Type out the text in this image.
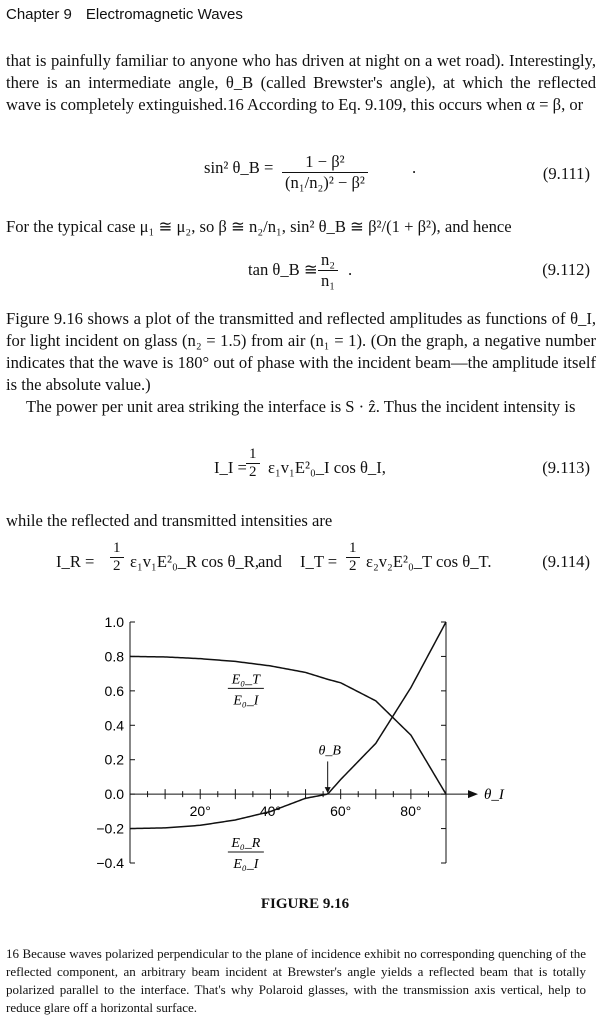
Chapter 9 Electromagnetic Waves
that is painfully familiar to anyone who has driven at night on a wet road). Interestingly, there is an intermediate angle, θ_B (called Brewster's angle), at which the reflected wave is completely extinguished.16 According to Eq. 9.109, this occurs when α = β, or
sin² θ_B = $\frac{\text{1 − β²}}{\text{(n₁/n₂)² − β²}}$	.	(9.111)
For the typical case μ₁ ≅ μ₂, so β ≅ n₂/n₁, sin² θ_B ≅ β²/(1 + β²), and hence
tan θ_B ≅ $\frac{\text{n₂}}{\text{n₁}}$ .	(9.112)
Figure 9.16 shows a plot of the transmitted and reflected amplitudes as functions of θ_I, for light incident on glass (n₂ = 1.5) from air (n₁ = 1). (On the graph, a negative number indicates that the wave is 180° out of phase with the incident beam—the amplitude itself is the absolute value.)
The power per unit area striking the interface is S · ẑ. Thus the incident intensity is
I_I = $\frac{1}{2}$ ε₁v₁E²₀_I cos θ_I,	(9.113)
while the reflected and transmitted intensities are
I_R = $\frac{1}{2}$ ε₁v₁E²₀_R cos θ_R, and I_T = $\frac{1}{2}$ ε₂v₂E²₀_T cos θ_T.	(9.114)
θ_I
1.0
0.8
0.6
0.4
0.2
0.0
−0.2
−0.4
20°	40°	60°	80°
E₀_T
E₀_I
E₀_R
E₀_I
θ_B
FIGURE 9.16
16 Because waves polarized perpendicular to the plane of incidence exhibit no corresponding quenching of the reflected component, an arbitrary beam incident at Brewster's angle yields a reflected beam that is totally polarized parallel to the interface. That's why Polaroid glasses, with the transmission axis vertical, help to reduce glare off a horizontal surface.
